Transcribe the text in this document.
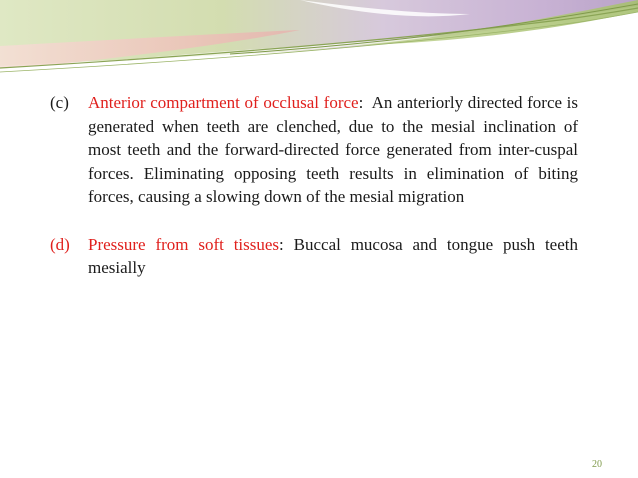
(c) Anterior compartment of occlusal force: An anteriorly directed force is generated when teeth are clenched, due to the mesial inclination of most teeth and the forward-directed force generated from inter-cuspal forces. Eliminating opposing teeth results in elimination of biting forces, causing a slowing down of the mesial migration

(d) Pressure from soft tissues: Buccal mucosa and tongue push teeth mesially

20
